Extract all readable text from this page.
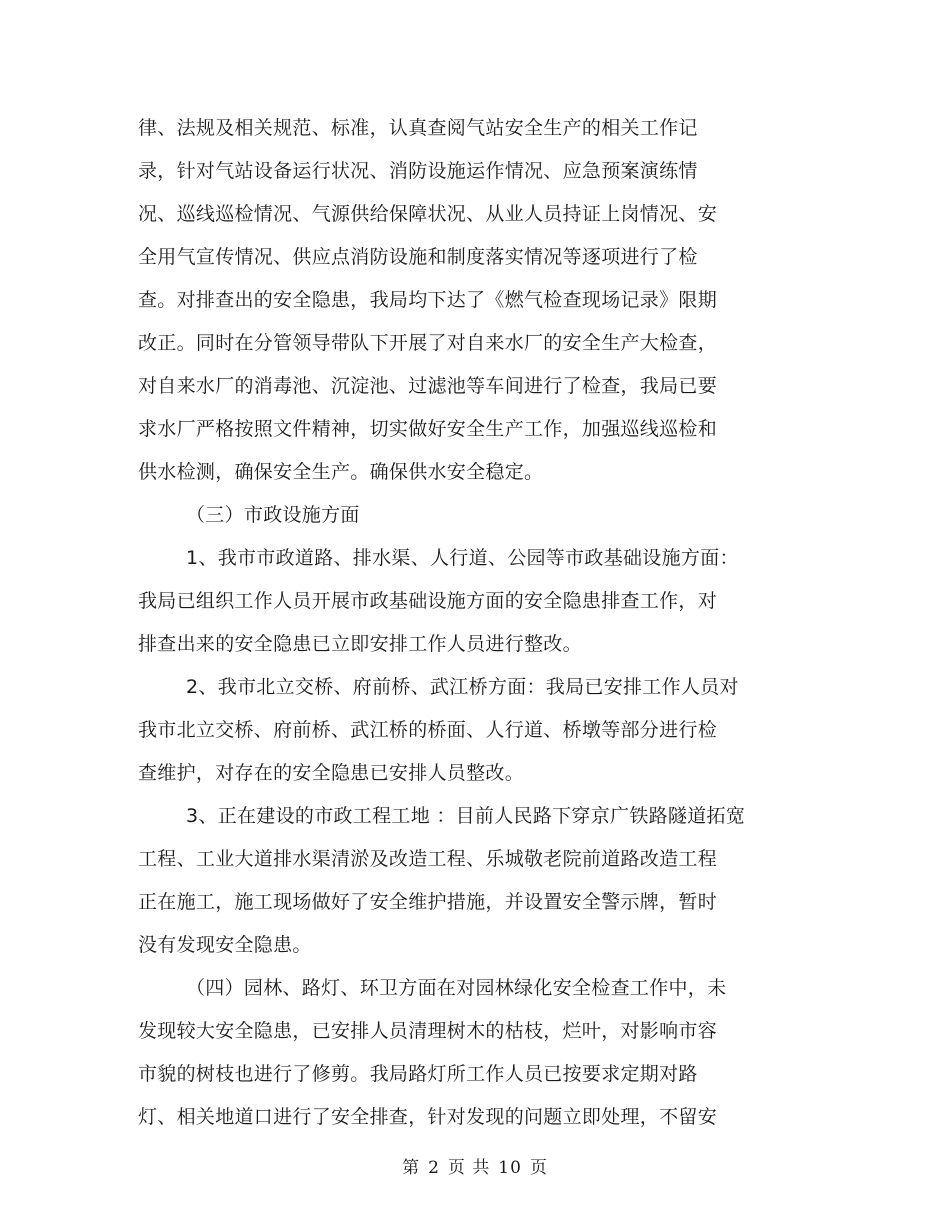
律、法规及相关规范、标准，认真查阅气站安全生产的相关工作记
录，针对气站设备运行状况、消防设施运作情况、应急预案演练情
况、巡线巡检情况、气源供给保障状况、从业人员持证上岗情况、安
全用气宣传情况、供应点消防设施和制度落实情况等逐项进行了检
查。对排查出的安全隐患，我局均下达了《燃气检查现场记录》限期
改正。同时在分管领导带队下开展了对自来水厂的安全生产大检查，
对自来水厂的消毒池、沉淀池、过滤池等车间进行了检查，我局已要
求水厂严格按照文件精神，切实做好安全生产工作，加强巡线巡检和
供水检测，确保安全生产。确保供水安全稳定。
（三）市政设施方面
1、我市市政道路、排水渠、人行道、公园等市政基础设施方面：
我局已组织工作人员开展市政基础设施方面的安全隐患排查工作，对
排查出来的安全隐患已立即安排工作人员进行整改。
2、我市北立交桥、府前桥、武江桥方面：我局已安排工作人员对
我市北立交桥、府前桥、武江桥的桥面、人行道、桥墩等部分进行检
查维护，对存在的安全隐患已安排人员整改。
3、正在建设的市政工程工地 ：目前人民路下穿京广铁路隧道拓宽
工程、工业大道排水渠清淤及改造工程、乐城敬老院前道路改造工程
正在施工，施工现场做好了安全维护措施，并设置安全警示牌，暂时
没有发现安全隐患。
（四）园林、路灯、环卫方面在对园林绿化安全检查工作中，未
发现较大安全隐患，已安排人员清理树木的枯枝，烂叶，对影响市容
市貌的树枝也进行了修剪。我局路灯所工作人员已按要求定期对路
灯、相关地道口进行了安全排查，针对发现的问题立即处理，不留安
第 2 页 共 10 页
